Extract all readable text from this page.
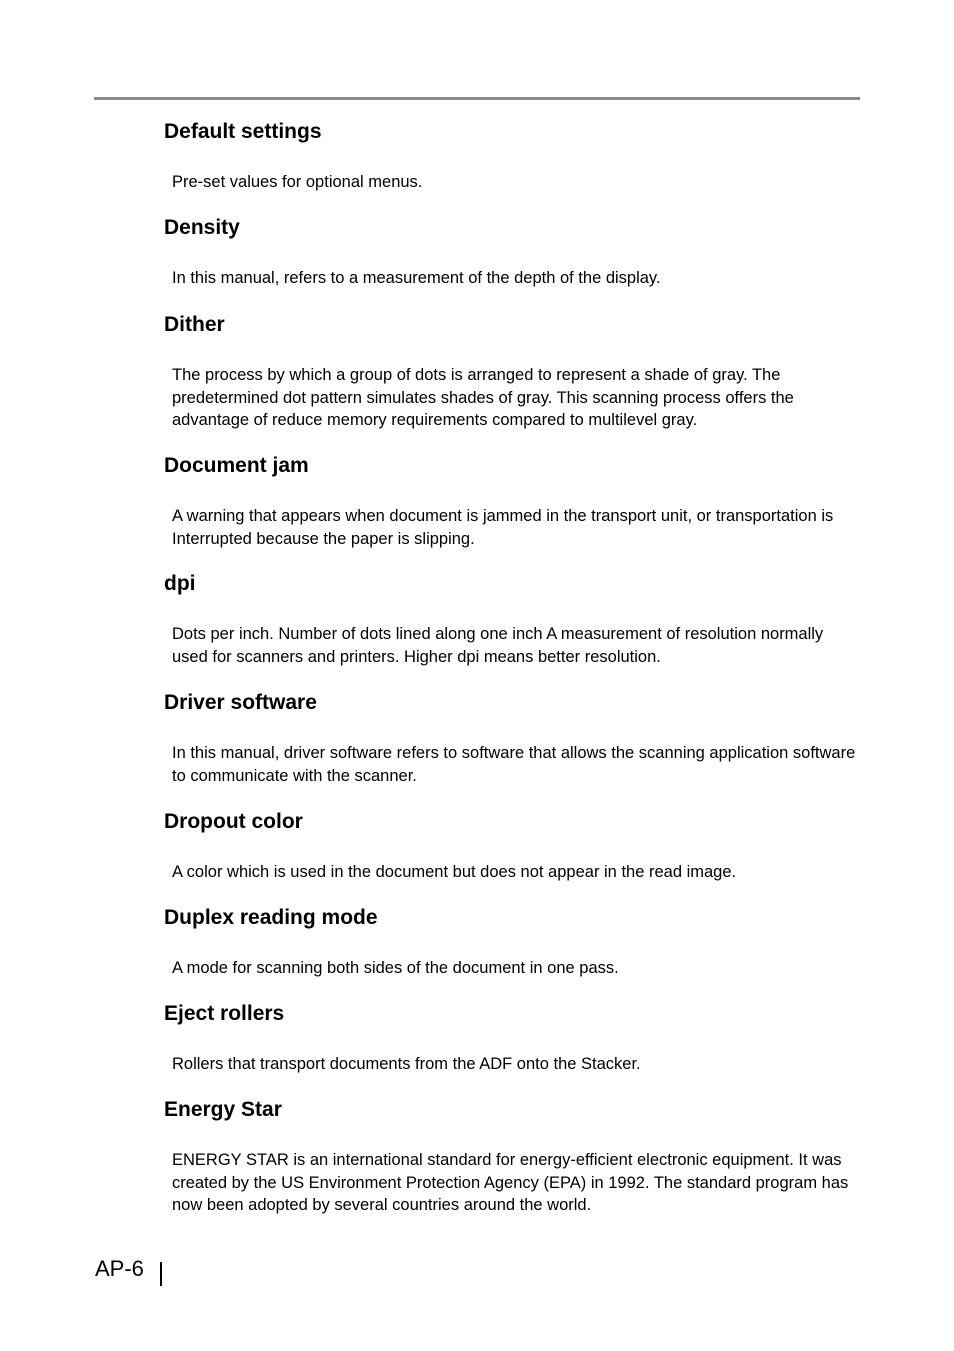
Default settings

Pre-set values for optional menus.

Density

In this manual, refers to a measurement of the depth of the display.

Dither

The process by which a group of dots is arranged to represent a shade of gray. The predetermined dot pattern simulates shades of gray. This scanning process offers the advantage of reduce memory requirements compared to multilevel gray.

Document jam

A warning that appears when document is jammed in the transport unit, or transportation is Interrupted because the paper is slipping.

dpi

Dots per inch. Number of dots lined along one inch A measurement of resolution normally used for scanners and printers. Higher dpi means better resolution.

Driver software

In this manual, driver software refers to software that allows the scanning application software to communicate with the scanner.

Dropout color

A color which is used in the document but does not appear in the read image.

Duplex reading mode

A mode for scanning both sides of the document in one pass.

Eject rollers

Rollers that transport documents from the ADF onto the Stacker.

Energy Star

ENERGY STAR is an international standard for energy-efficient electronic equipment. It was created by the US Environment Protection Agency (EPA) in 1992. The standard program has now been adopted by several countries around the world.

AP-6
